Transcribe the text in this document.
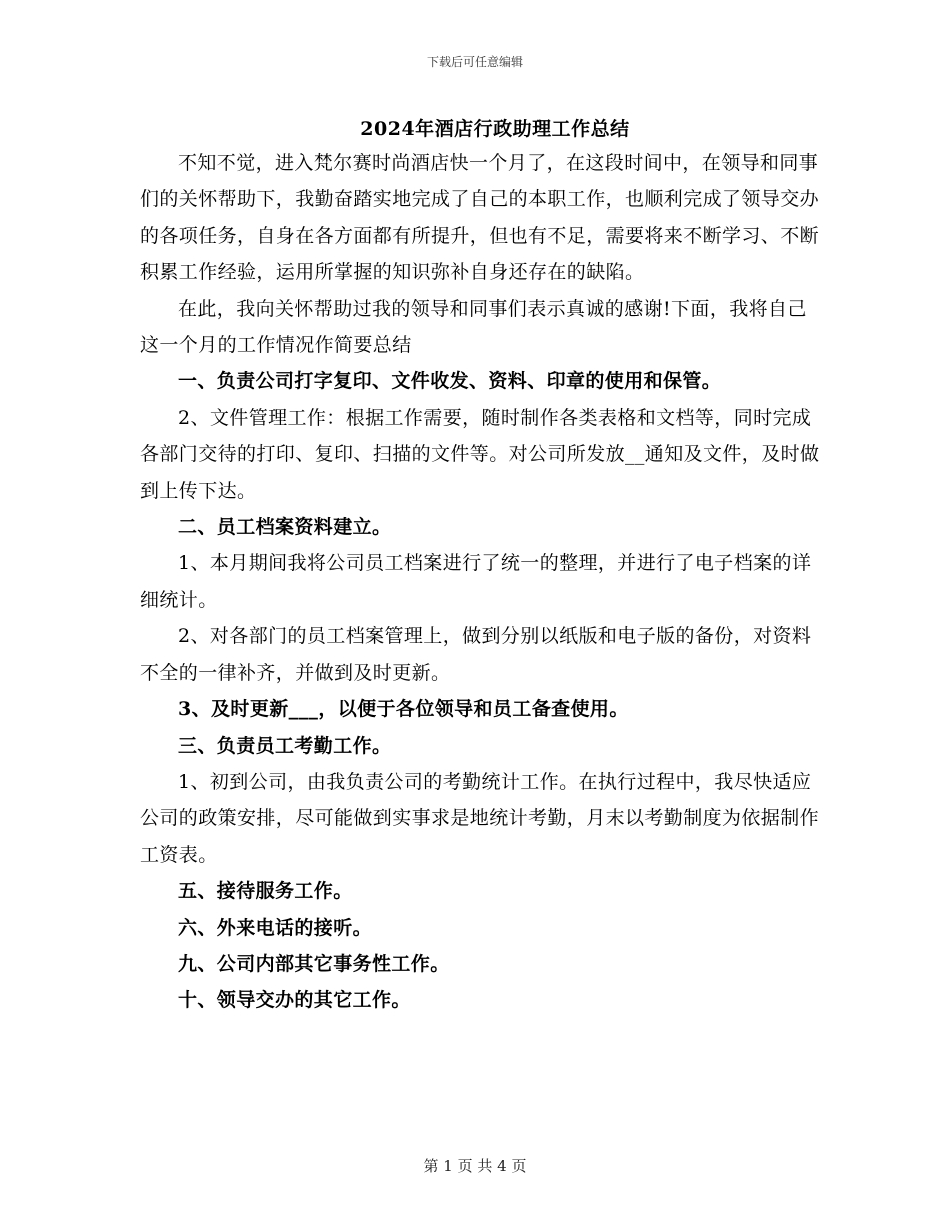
下载后可任意编辑
2024年酒店行政助理工作总结

不知不觉，进入梵尔赛时尚酒店快一个月了，在这段时间中，在领导和同事们的关怀帮助下，我勤奋踏实地完成了自己的本职工作，也顺利完成了领导交办的各项任务，自身在各方面都有所提升，但也有不足，需要将来不断学习、不断积累工作经验，运用所掌握的知识弥补自身还存在的缺陷。

在此，我向关怀帮助过我的领导和同事们表示真诚的感谢!下面，我将自己这一个月的工作情况作简要总结

一、负责公司打字复印、文件收发、资料、印章的使用和保管。

2、文件管理工作：根据工作需要，随时制作各类表格和文档等，同时完成各部门交待的打印、复印、扫描的文件等。对公司所发放__通知及文件，及时做到上传下达。

二、员工档案资料建立。

1、本月期间我将公司员工档案进行了统一的整理，并进行了电子档案的详细统计。

2、对各部门的员工档案管理上，做到分别以纸版和电子版的备份，对资料不全的一律补齐，并做到及时更新。

3、及时更新___，以便于各位领导和员工备查使用。

三、负责员工考勤工作。

1、初到公司，由我负责公司的考勤统计工作。在执行过程中，我尽快适应公司的政策安排，尽可能做到实事求是地统计考勤，月末以考勤制度为依据制作工资表。

五、接待服务工作。

六、外来电话的接听。

九、公司内部其它事务性工作。

十、领导交办的其它工作。

第 1 页 共 4 页
